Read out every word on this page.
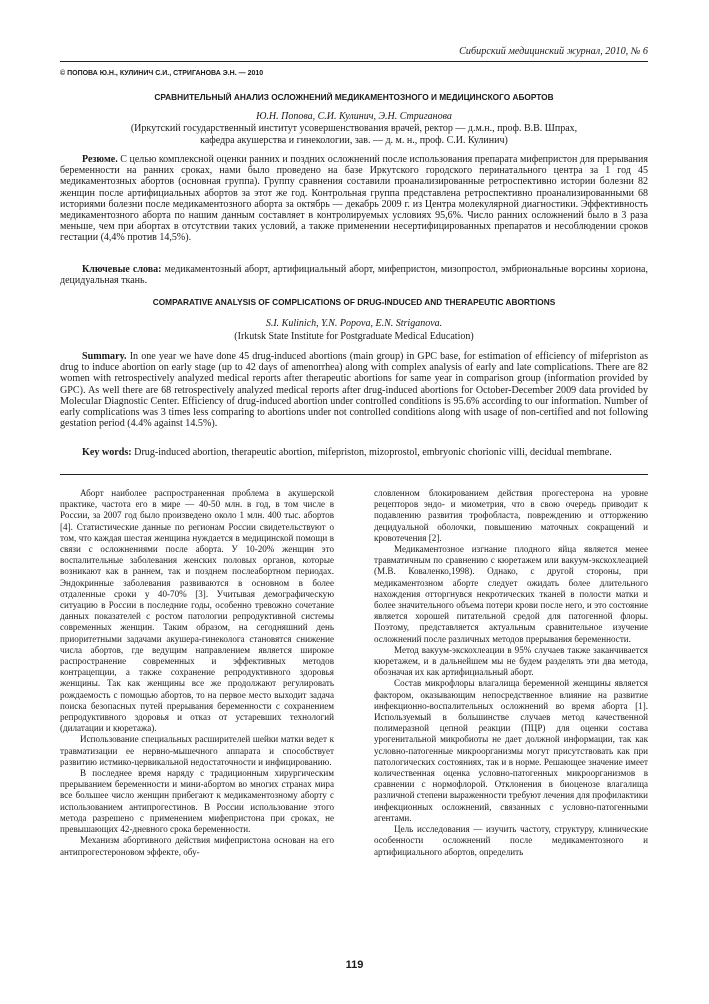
Сибирский медицинский журнал, 2010, № 6
© ПОПОВА Ю.Н., КУЛИНИЧ С.И., СТРИГАНОВА Э.Н. — 2010
СРАВНИТЕЛЬНЫЙ АНАЛИЗ ОСЛОЖНЕНИЙ МЕДИКАМЕНТОЗНОГО И МЕДИЦИНСКОГО АБОРТОВ
Ю.Н. Попова, С.И. Кулинич, Э.Н. Стриганова
(Иркутский государственный институт усовершенствования врачей, ректор — д.м.н., проф. В.В. Шпрах,
кафедра акушерства и гинекологии, зав. — д. м. н., проф. С.И. Кулинич)
Резюме. С целью комплексной оценки ранних и поздних осложнений после использования препарата мифепристон для прерывания беременности на ранних сроках, нами было проведено на базе Иркутского городского перинатального центра за 1 год 45 медикаментозных абортов (основная группа). Группу сравнения составили проанализированные ретроспективно истории болезни 82 женщин после артифициальных абортов за этот же год. Контрольная группа представлена ретроспективно проанализированными 68 историями болезни после медикаментозного аборта за октябрь — декабрь 2009 г. из Центра молекулярной диагностики. Эффективность медикаментозного аборта по нашим данным составляет в контролируемых условиях 95,6%. Число ранних осложнений было в 3 раза меньше, чем при абортах в отсутствии таких условий, а также применении несертифицированных препаратов и несоблюдении сроков гестации (4,4% против 14,5%).
Ключевые слова: медикаментозный аборт, артифициальный аборт, мифепристон, мизопростол, эмбриональные ворсины хориона, децидуальная ткань.
COMPARATIVE ANALYSIS OF COMPLICATIONS OF DRUG-INDUCED AND THERAPEUTIC ABORTIONS
S.I. Kulinich, Y.N. Popova, E.N. Striganova.
(Irkutsk State Institute for Postgraduate Medical Education)
Summary. In one year we have done 45 drug-induced abortions (main group) in GPC base, for estimation of efficiency of mifepriston as drug to induce abortion on early stage (up to 42 days of amenorrhea) along with complex analysis of early and late complications. There are 82 women with retrospectively analyzed medical reports after therapeutic abortions for same year in comparison group (information provided by GPC). As well there are 68 retrospectively analyzed medical reports after drug-induced abortions for October-December 2009 data provided by Molecular Diagnostic Center. Efficiency of drug-induced abortion under controlled conditions is 95.6% according to our information. Number of early complications was 3 times less comparing to abortions under not controlled conditions along with usage of non-certified and not following gestation period (4.4% against 14.5%).
Key words: Drug-induced abortion, therapeutic abortion, mifepriston, mizoprostol, embryonic chorionic villi, decidual membrane.

Аборт наиболее распространенная проблема в акушерской практике, частота его в мире — 40-50 млн. в год, в том числе в России, за 2007 год было произведено около 1 млн. 400 тыс. абортов [4]. Статистические данные по регионам России свидетельствуют о том, что каждая шестая женщина нуждается в медицинской помощи в связи с осложнениями после аборта. У 10-20% женщин это воспалительные заболевания женских половых органов, которые возникают как в раннем, так и позднем послеабортном периодах. Эндокринные заболевания развиваются в основном в более отдаленные сроки у 40-70% [3]. Учитывая демографическую ситуацию в России в последние годы, особенно тревожно сочетание данных показателей с ростом патологии репродуктивной системы современных женщин. Таким образом, на сегодняшний день приоритетными задачами акушера-гинеколога становятся снижение числа абортов, где ведущим направлением является широкое распространение современных и эффективных методов контрацепции, а также сохранение репродуктивного здоровья женщины. Так как женщины все же продолжают регулировать рождаемость с помощью абортов, то на первое место выходит задача поиска безопасных путей прерывания беременности с сохранением репродуктивного здоровья и отказ от устаревших технологий (дилатации и кюретажа).

Использование специальных расширителей шейки матки ведет к травматизации ее нервно-мышечного аппарата и способствует развитию истмико-цервикальной недостаточности и инфицированию.

В последнее время наряду с традиционным хирургическим прерыванием беременности и мини-абортом во многих странах мира все большее число женщин прибегают к медикаментозному аборту с использованием антипрогестинов. В России использование этого метода разрешено с применением мифепристона при сроках, не превышающих 42-дневного срока беременности.

Механизм абортивного действия мифепристона основан на его антипрогестероновом эффекте, обу-

словленном блокированием действия прогестерона на уровне рецепторов эндо- и миометрия, что в свою очередь приводит к подавлению развития трофобласта, повреждению и отторжению децидуальной оболочки, повышению маточных сокращений и кровотечения [2].

Медикаментозное изгнание плодного яйца является менее травматичным по сравнению с кюретажем или вакуум-экскохлеацией (М.В. Коваленко,1998). Однако, с другой стороны, при медикаментозном аборте следует ожидать более длительного нахождения отторгнувся некротических тканей в полости матки и более значительного объема потери крови после него, и это состояние является хорошей питательной средой для патогенной флоры. Поэтому, представляется актуальным сравнительное изучение осложнений после различных методов прерывания беременности.

Метод вакуум-экскохлеации в 95% случаев также заканчивается кюретажем, и в дальнейшем мы не будем разделять эти два метода, обозначая их как артифициальный аборт.

Состав микрофлоры влагалища беременной женщины является фактором, оказывающим непосредственное влияние на развитие инфекционно-воспалительных осложнений во время аборта [1]. Используемый в большинстве случаев метод качественной полимеразной цепной реакции (ПЦР) для оценки состава урогенитальной микробиоты не дает должной информации, так как условно-патогенные микроорганизмы могут присутствовать как при патологических состояниях, так и в норме. Решающее значение имеет количественная оценка условно-патогенных микроорганизмов в сравнении с нормофлорой. Отклонения в биоценозе влагалища различной степени выраженности требуют лечения для профилактики инфекционных осложнений, связанных с условно-патогенными агентами.

Цель исследования — изучить частоту, структуру, клинические особенности осложнений после медикаментозного и артифициального абортов, определить

119
